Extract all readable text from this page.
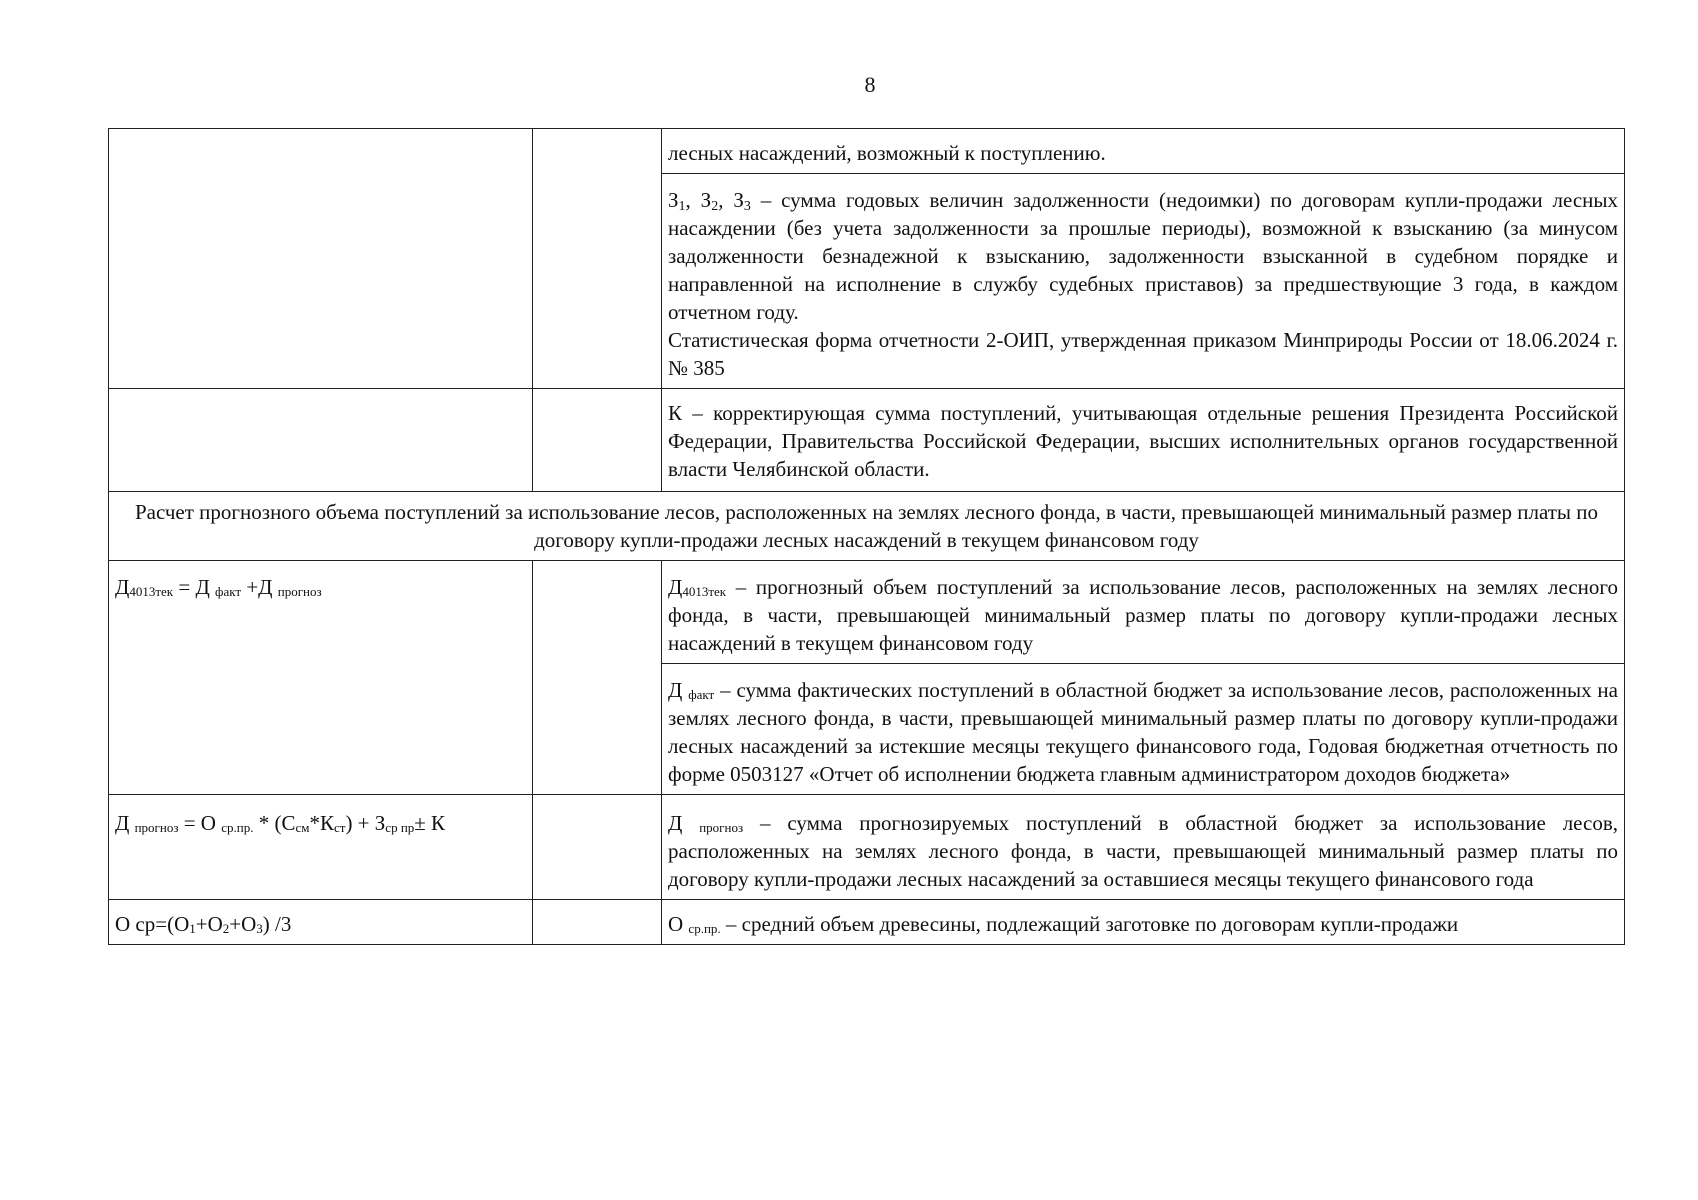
8
		лесных насаждений, возможный к поступлению.

		$З_1$, $З_2$, $З_3$ – сумма годовых величин задолженности (недоимки) по договорам купли-продажи лесных насаждении (без учета задолженности за прошлые периоды), возможной к взысканию (за минусом задолженности безнадежной к взысканию, задолженности взысканной в судебном порядке и направленной на исполнение в службу судебных приставов) за предшествующие 3 года, в каждом отчетном году.

Статистическая форма отчетности 2-ОИП, утвержденная приказом Минприроды России от 18.06.2024 г. № 385

		К – корректирующая сумма поступлений, учитывающая отдельные решения Президента Российской Федерации, Правительства Российской Федерации, высших исполнительных органов государственной власти Челябинской области.
Расчет прогнозного объема поступлений за использование лесов, расположенных на землях лесного фонда, в части, превышающей минимальный размер платы по договору купли-продажи лесных насаждений в текущем финансовом году		
Д4013тек = Д факт +Д прогноз		Д4013тек – прогнозный объем поступлений за использование лесов, расположенных на землях лесного фонда, в части, превышающей минимальный размер платы по договору купли-продажи лесных насаждений в текущем финансовом году
		Д факт – сумма фактических поступлений в областной бюджет за использование лесов, расположенных на землях лесного фонда, в части, превышающей минимальный размер платы по договору купли-продажи лесных насаждений за истекшие месяцы текущего финансового года, Годовая бюджетная отчетность по форме 0503127 «Отчет об исполнении бюджета главным администратором доходов бюджета»
Д прогноз = О ср.пр. * (Ссм*Кст) + Зср пр± К		Д прогноз – сумма прогнозируемых поступлений в областной бюджет за использование лесов, расположенных на землях лесного фонда, в части, превышающей минимальный размер платы по договору купли-продажи лесных насаждений за оставшиеся месяцы текущего финансового года
О ср=(О1+О2+О3) /3		О ср.пр. – средний объем древесины, подлежащий заготовке по договорам купли-продажи
